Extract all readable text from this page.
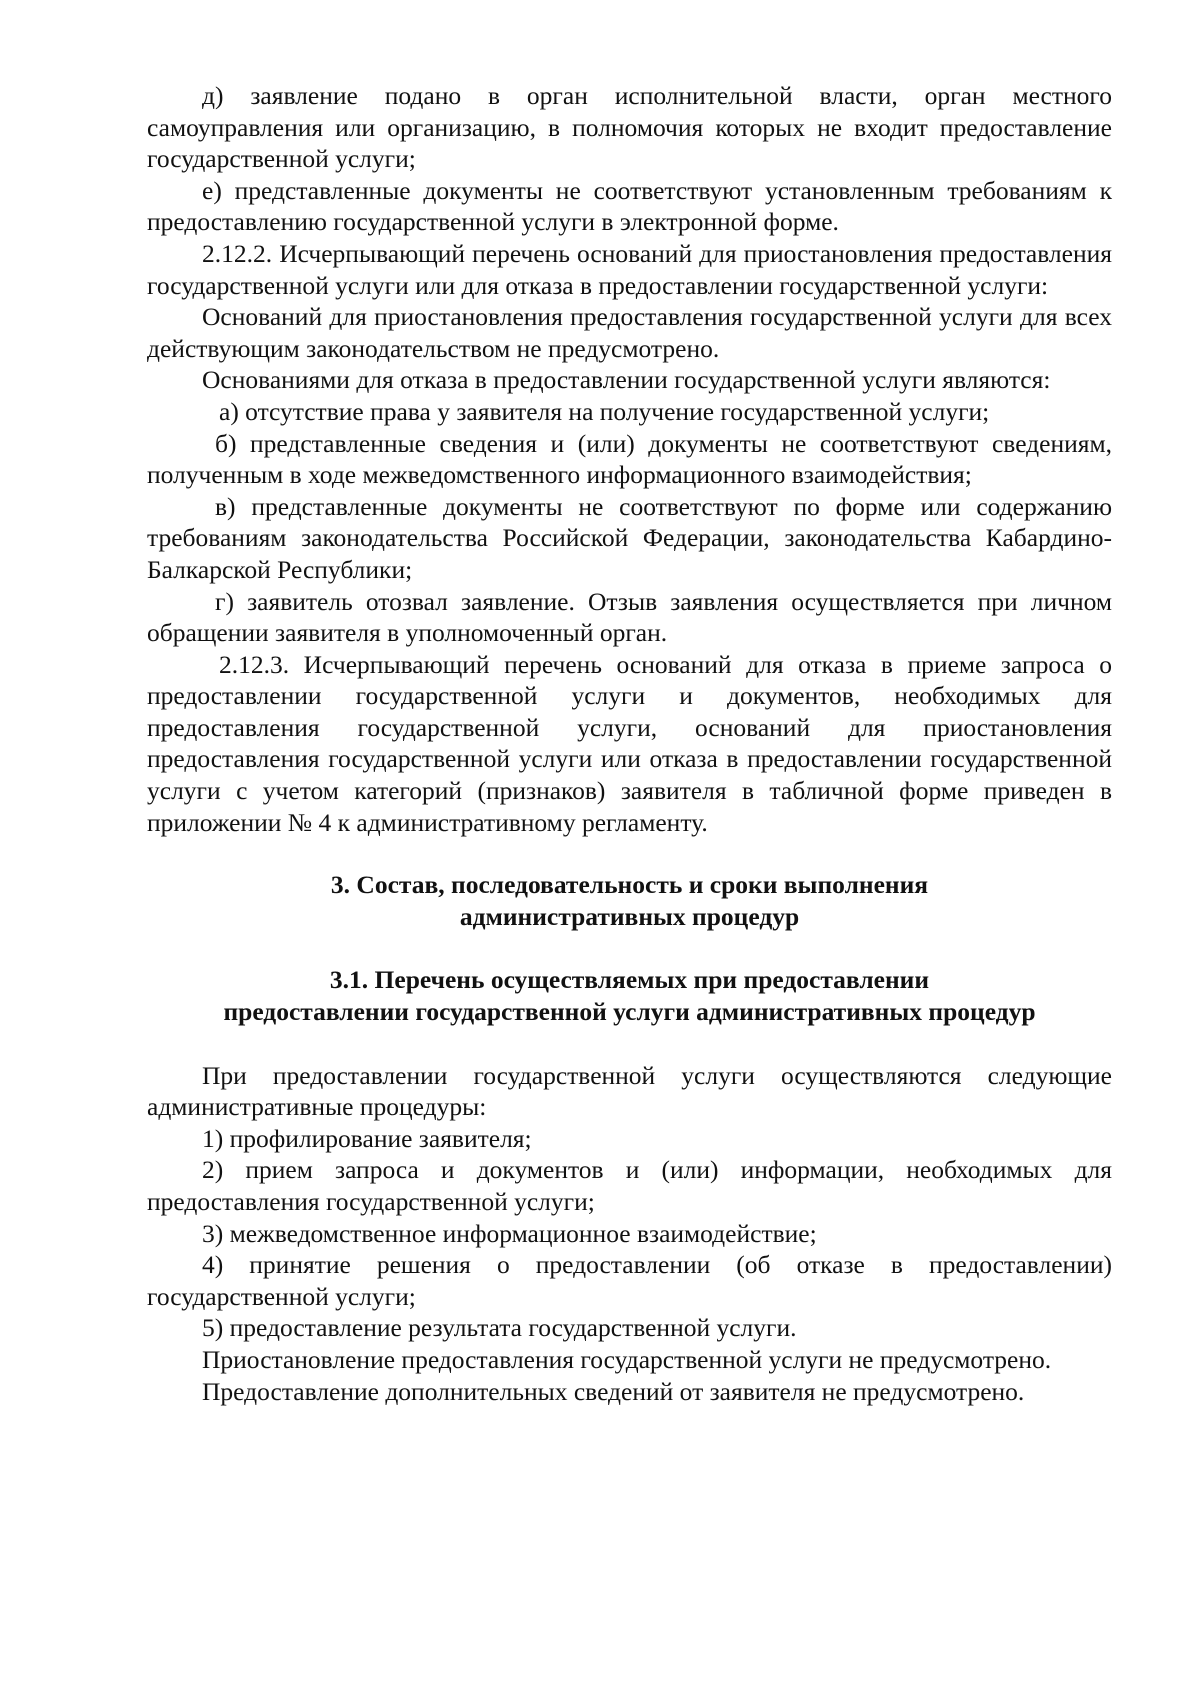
д) заявление подано в орган исполнительной власти, орган местного самоуправления или организацию, в полномочия которых не входит предоставление государственной услуги;

е) представленные документы не соответствуют установленным требованиям к предоставлению государственной услуги в электронной форме.

2.12.2. Исчерпывающий перечень оснований для приостановления предоставления государственной услуги или для отказа в предоставлении государственной услуги:

Оснований для приостановления предоставления государственной услуги для всех действующим законодательством не предусмотрено.

Основаниями для отказа в предоставлении государственной услуги являются:

а) отсутствие права у заявителя на получение государственной услуги;

б) представленные сведения и (или) документы не соответствуют сведениям, полученным в ходе межведомственного информационного взаимодействия;

в) представленные документы не соответствуют по форме или содержанию требованиям законодательства Российской Федерации, законодательства Кабардино-Балкарской Республики;

г) заявитель отозвал заявление. Отзыв заявления осуществляется при личном обращении заявителя в уполномоченный орган.

2.12.3. Исчерпывающий перечень оснований для отказа в приеме запроса о предоставлении государственной услуги и документов, необходимых для предоставления государственной услуги, оснований для приостановления предоставления государственной услуги или отказа в предоставлении государственной услуги с учетом категорий (признаков) заявителя в табличной форме приведен в приложении № 4 к административному регламенту.

3. Состав, последовательность и сроки выполнения
административных процедур
3.1. Перечень осуществляемых при предоставлении
предоставлении государственной услуги административных процедур

При предоставлении государственной услуги осуществляются следующие административные процедуры:

1) профилирование заявителя;

2) прием запроса и документов и (или) информации, необходимых для предоставления государственной услуги;

3) межведомственное информационное взаимодействие;

4) принятие решения о предоставлении (об отказе в предоставлении) государственной услуги;

5) предоставление результата государственной услуги.

Приостановление предоставления государственной услуги не предусмотрено.

Предоставление дополнительных сведений от заявителя не предусмотрено.
